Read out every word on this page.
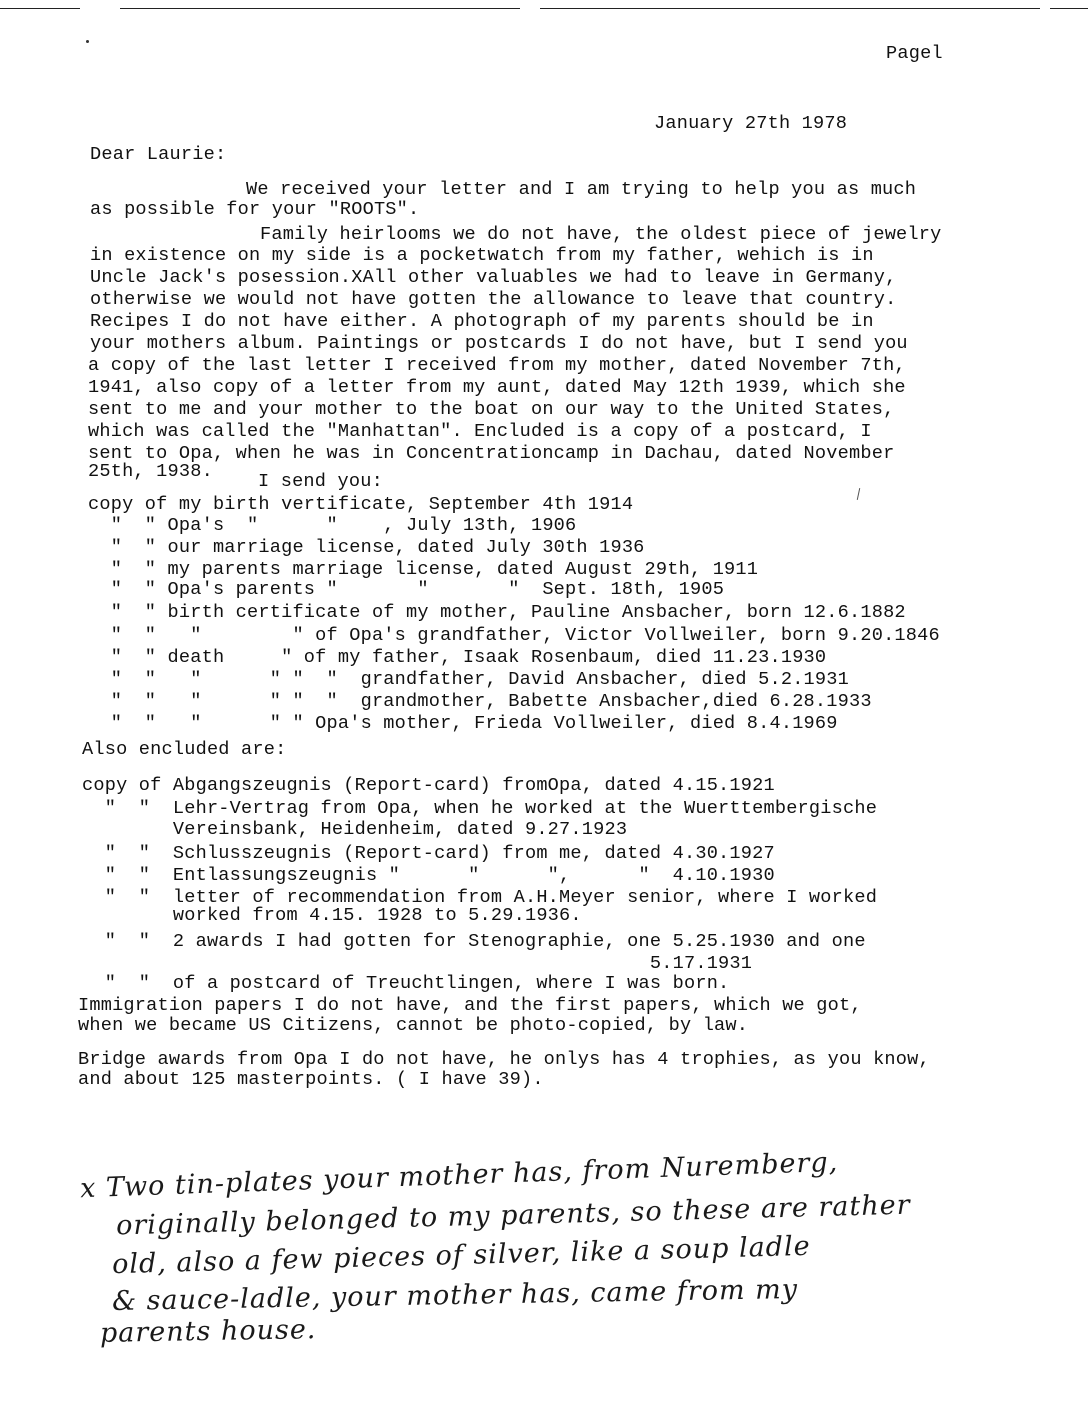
Pagel
January 27th 1978
Dear Laurie:
We received your letter and I am trying to help you as much
as possible for your "ROOTS".
Family heirlooms we do not have, the oldest piece of jewelry
in existence on my side is a pocketwatch from my father, wehich is in
Uncle Jack's posession.XAll other valuables we had to leave in Germany,
otherwise we would not have gotten the allowance to leave that country.
Recipes I do not have either. A photograph of my parents should be in
your mothers album. Paintings or postcards I do not have, but I send you
a copy of the last letter I received from my mother, dated November 7th,
1941, also copy of a letter from my aunt, dated May 12th 1939, which she
sent to me and your mother to the boat on our way to the United States,
which was called the "Manhattan". Encluded is a copy of a postcard, I
sent to Opa, when he was in Concentrationcamp in Dachau, dated November
25th, 1938. I send you:
copy of my birth vertificate, September 4th 1914
"  " Opa's  "      "    , July 13th, 1906
"  " our marriage license, dated July 30th 1936
"  " my parents marriage license, dated August 29th, 1911
"  " Opa's parents "       "       "  Sept. 18th, 1905
"  " birth certificate of my mother, Pauline Ansbacher, born 12.6.1882
"  "   "        " of Opa's grandfather, Victor Vollweiler, born 9.20.1846
"  " death     " of my father, Isaak Rosenbaum, died 11.23.1930
"  "   "      " "  "  grandfather, David Ansbacher, died 5.2.1931
"  "   "      " "  "  grandmother, Babette Ansbacher,died 6.28.1933
"  "   "      " " Opa's mother, Frieda Vollweiler, died 8.4.1969
Also encluded are:
copy of Abgangszeugnis (Report-card) fromOpa, dated 4.15.1921
"  "  Lehr-Vertrag from Opa, when he worked at the Wuerttembergische
Vereinsbank, Heidenheim, dated 9.27.1923
"  "  Schlusszeugnis (Report-card) from me, dated 4.30.1927
"  "  Entlassungszeugnis "      "      ",      "  4.10.1930
"  "  letter of recommendation from A.H.Meyer senior, where I worked
worked from 4.15. 1928 to 5.29.1936.
"  "  2 awards I had gotten for Stenographie, one 5.25.1930 and one
5.17.1931
"  "  of a postcard of Treuchtlingen, where I was born.
Immigration papers I do not have, and the first papers, which we got,
when we became US Citizens, cannot be photo-copied, by law.
Bridge awards from Opa I do not have, he onlys has 4 trophies, as you know,
and about 125 masterpoints. ( I have 39).
x Two tin-plates your mother has, from Nuremberg,
originally belonged to my parents, so these are rather
old, also a few pieces of silver, like a soup ladle
& sauce-ladle, your mother has, came from my
parents house.
